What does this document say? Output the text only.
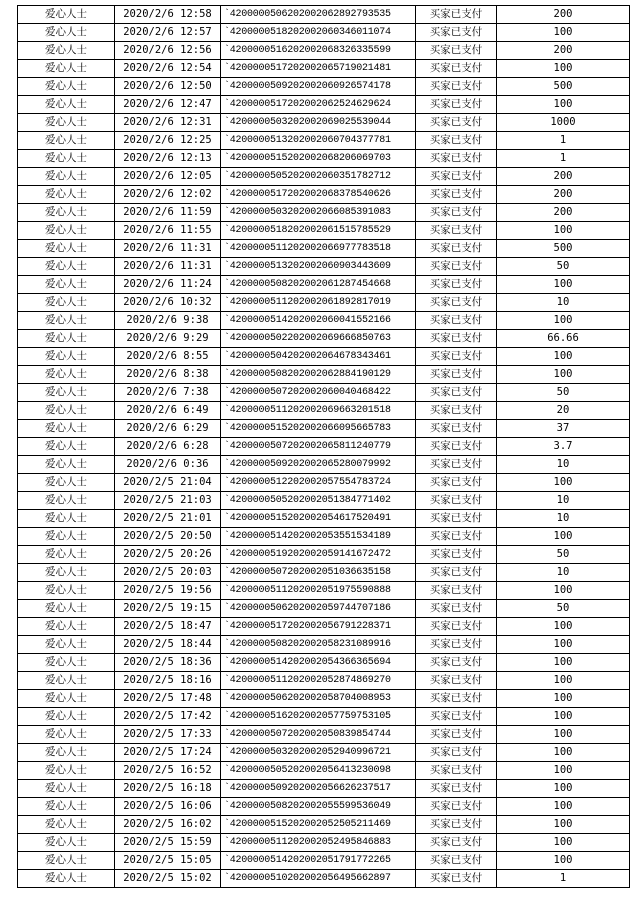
爱心人士	2020/2/6 12:58	`4200000506202002062892793535	买家已支付	200
爱心人士	2020/2/6 12:57	`4200000518202002060346011074	买家已支付	100
爱心人士	2020/2/6 12:56	`4200000516202002068326335599	买家已支付	200
爱心人士	2020/2/6 12:54	`4200000517202002065719021481	买家已支付	100
爱心人士	2020/2/6 12:50	`4200000509202002060926574178	买家已支付	500
爱心人士	2020/2/6 12:47	`4200000517202002062524629624	买家已支付	100
爱心人士	2020/2/6 12:31	`4200000503202002069025539044	买家已支付	1000
爱心人士	2020/2/6 12:25	`4200000513202002060704377781	买家已支付	1
爱心人士	2020/2/6 12:13	`4200000515202002068206069703	买家已支付	1
爱心人士	2020/2/6 12:05	`4200000505202002060351782712	买家已支付	200
爱心人士	2020/2/6 12:02	`4200000517202002068378540626	买家已支付	200
爱心人士	2020/2/6 11:59	`4200000503202002066085391083	买家已支付	200
爱心人士	2020/2/6 11:55	`4200000518202002061515785529	买家已支付	100
爱心人士	2020/2/6 11:31	`4200000511202002066977783518	买家已支付	500
爱心人士	2020/2/6 11:31	`4200000513202002060903443609	买家已支付	50
爱心人士	2020/2/6 11:24	`4200000508202002061287454668	买家已支付	100
爱心人士	2020/2/6 10:32	`4200000511202002061892817019	买家已支付	10
爱心人士	2020/2/6 9:38	`4200000514202002060041552166	买家已支付	100
爱心人士	2020/2/6 9:29	`4200000502202002069666850763	买家已支付	66.66
爱心人士	2020/2/6 8:55	`4200000504202002064678343461	买家已支付	100
爱心人士	2020/2/6 8:38	`4200000508202002062884190129	买家已支付	100
爱心人士	2020/2/6 7:38	`4200000507202002060040468422	买家已支付	50
爱心人士	2020/2/6 6:49	`4200000511202002069663201518	买家已支付	20
爱心人士	2020/2/6 6:29	`4200000515202002066095665783	买家已支付	37
爱心人士	2020/2/6 6:28	`4200000507202002065811240779	买家已支付	3.7
爱心人士	2020/2/6 0:36	`4200000509202002065280079992	买家已支付	10
爱心人士	2020/2/5 21:04	`4200000512202002057554783724	买家已支付	100
爱心人士	2020/2/5 21:03	`4200000505202002051384771402	买家已支付	10
爱心人士	2020/2/5 21:01	`4200000515202002054617520491	买家已支付	10
爱心人士	2020/2/5 20:50	`4200000514202002053551534189	买家已支付	100
爱心人士	2020/2/5 20:26	`4200000519202002059141672472	买家已支付	50
爱心人士	2020/2/5 20:03	`4200000507202002051036635158	买家已支付	10
爱心人士	2020/2/5 19:56	`4200000511202002051975590888	买家已支付	100
爱心人士	2020/2/5 19:15	`4200000506202002059744707186	买家已支付	50
爱心人士	2020/2/5 18:47	`4200000517202002056791228371	买家已支付	100
爱心人士	2020/2/5 18:44	`4200000508202002058231089916	买家已支付	100
爱心人士	2020/2/5 18:36	`4200000514202002054366365694	买家已支付	100
爱心人士	2020/2/5 18:16	`4200000511202002052874869270	买家已支付	100
爱心人士	2020/2/5 17:48	`4200000506202002058704008953	买家已支付	100
爱心人士	2020/2/5 17:42	`4200000516202002057759753105	买家已支付	100
爱心人士	2020/2/5 17:33	`4200000507202002050839854744	买家已支付	100
爱心人士	2020/2/5 17:24	`4200000503202002052940996721	买家已支付	100
爱心人士	2020/2/5 16:52	`4200000505202002056413230098	买家已支付	100
爱心人士	2020/2/5 16:18	`4200000509202002056626237517	买家已支付	100
爱心人士	2020/2/5 16:06	`4200000508202002055599536049	买家已支付	100
爱心人士	2020/2/5 16:02	`4200000515202002052505211469	买家已支付	100
爱心人士	2020/2/5 15:59	`4200000511202002052495846883	买家已支付	100
爱心人士	2020/2/5 15:05	`4200000514202002051791772265	买家已支付	100
爱心人士	2020/2/5 15:02	`4200000510202002056495662897	买家已支付	1
